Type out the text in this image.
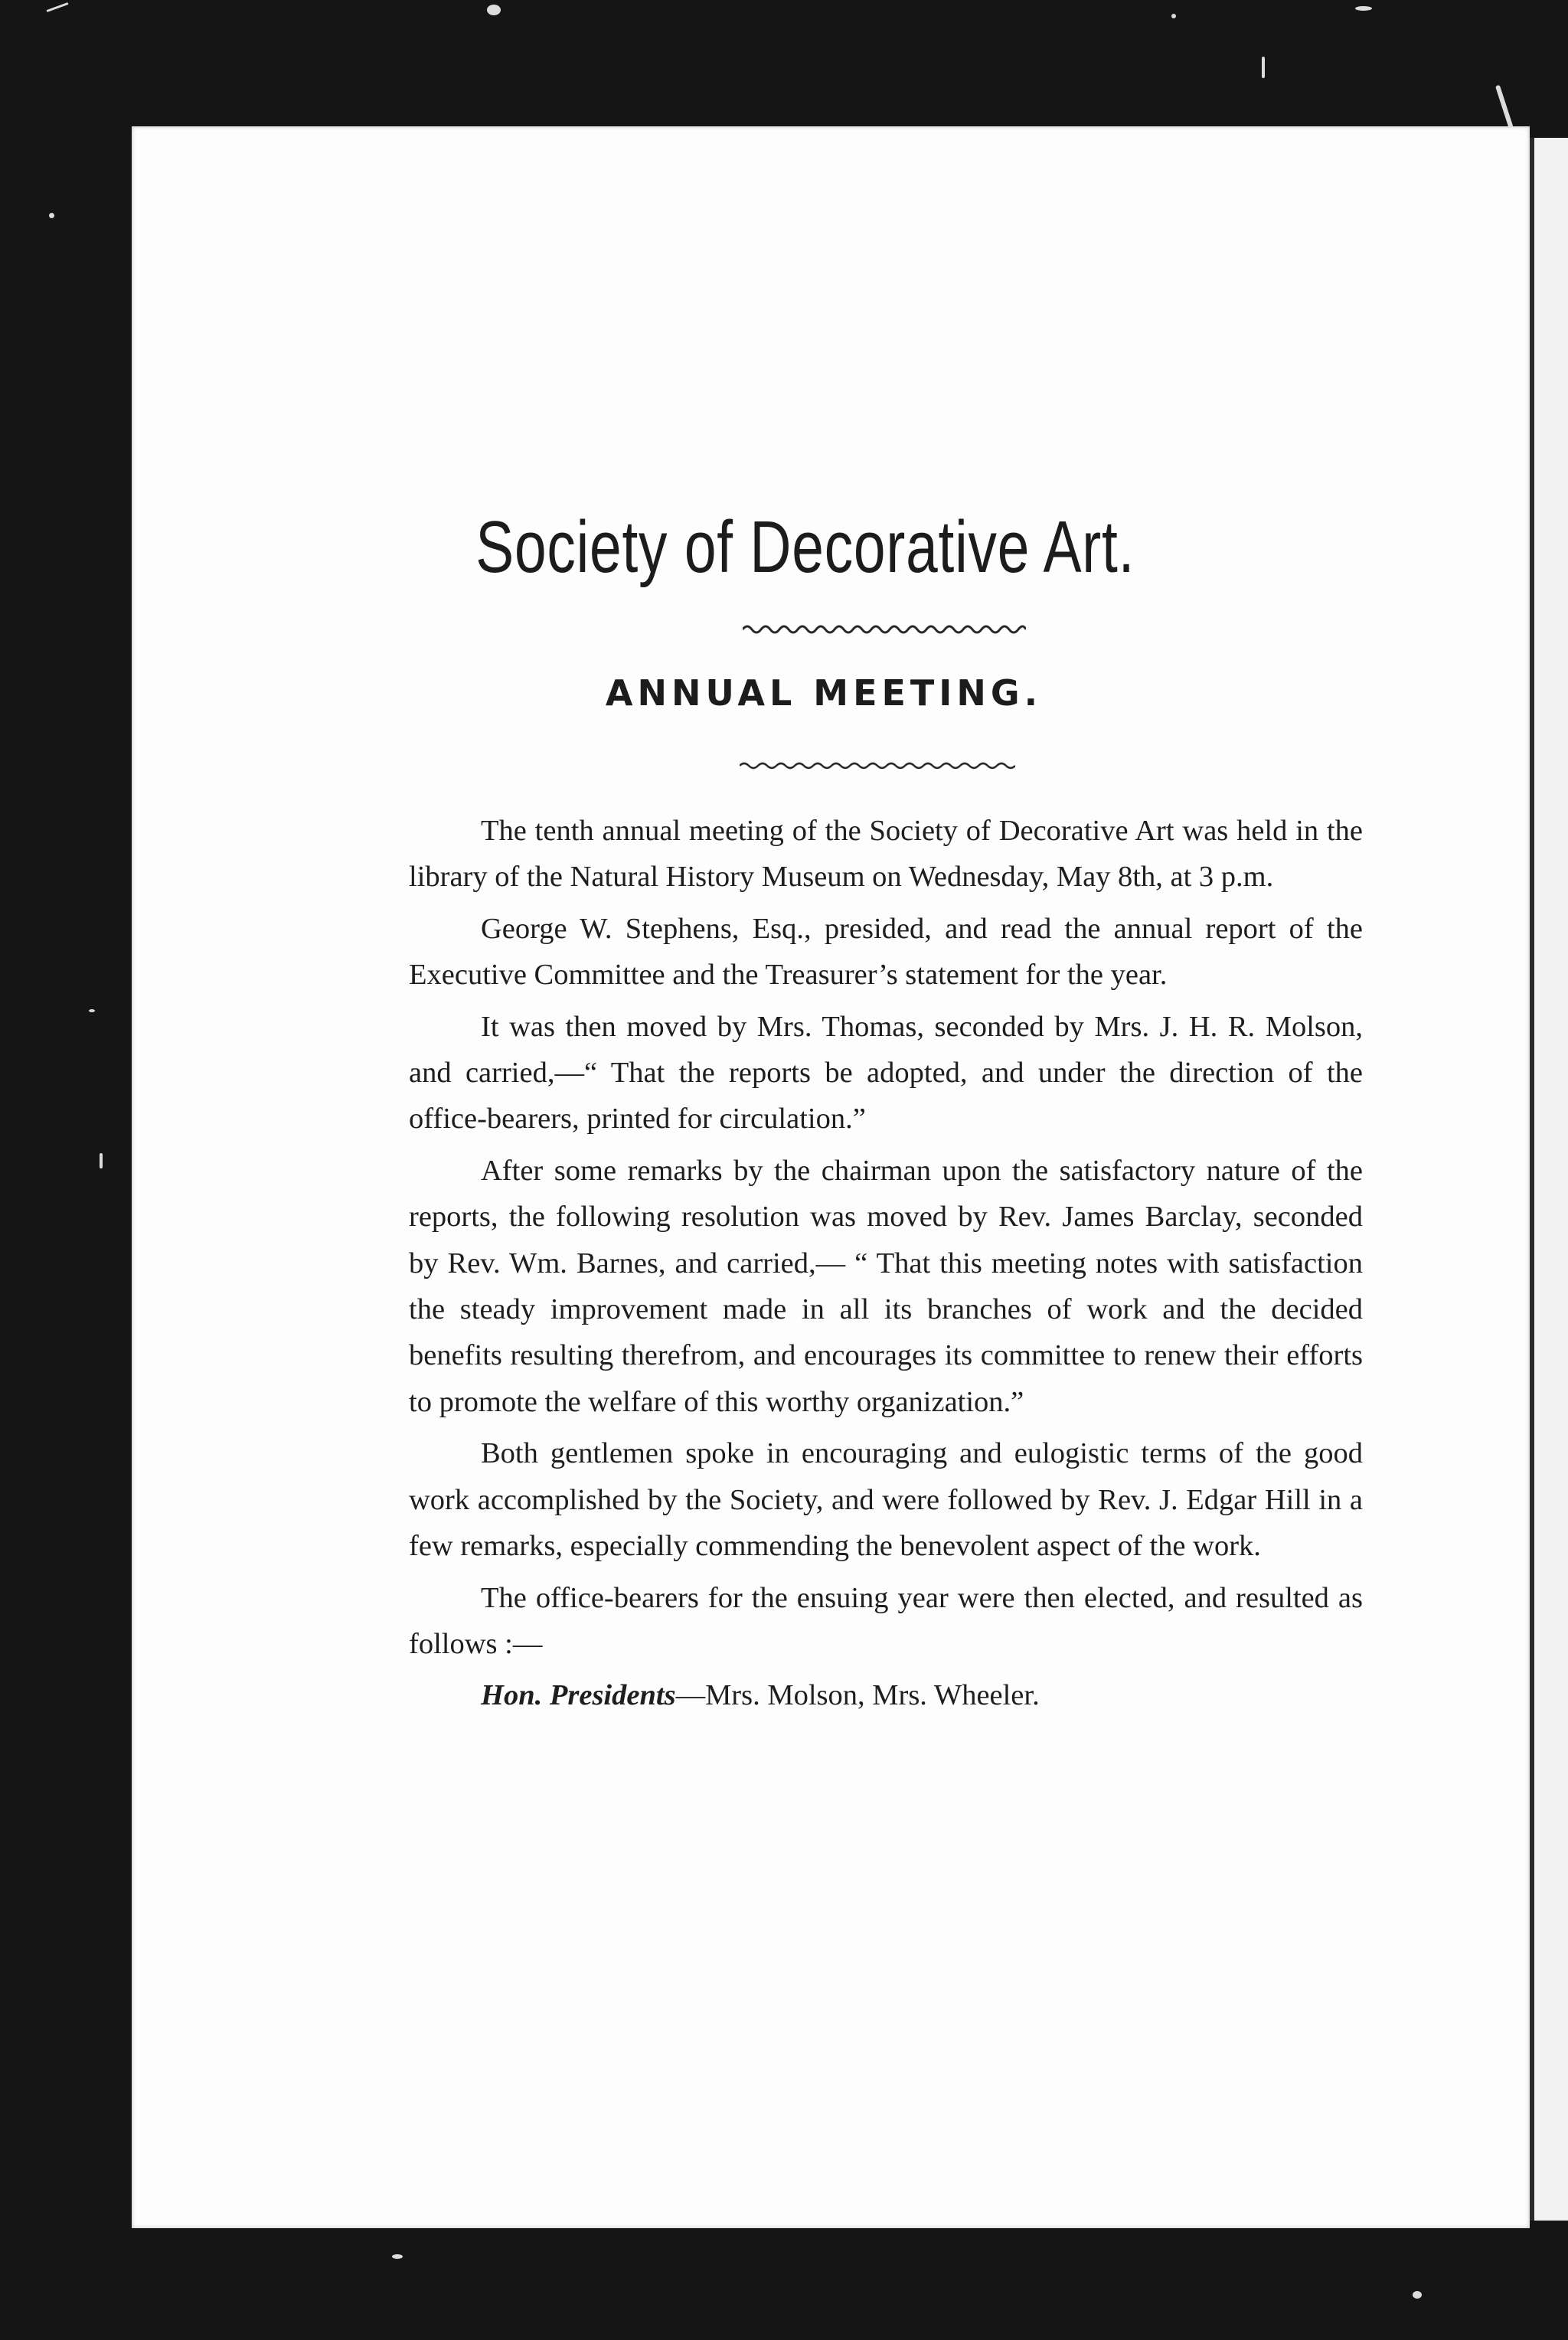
Society of Decorative Art.
ANNUAL MEETING.

The tenth annual meeting of the Society of Decorative Art was held in the library of the Natural History Museum on Wednesday, May 8th, at 3 p.m.

George W. Stephens, Esq., presided, and read the annual report of the Executive Committee and the Treasurer’s statement for the year.

It was then moved by Mrs. Thomas, seconded by Mrs. J. H. R. Molson, and carried,—“ That the reports be adopted, and under the direction of the office-bearers, printed for circulation.”

After some remarks by the chairman upon the satisfactory nature of the reports, the following resolution was moved by Rev. James Barclay, seconded by Rev. Wm. Barnes, and carried,— “ That this meeting notes with satisfaction the steady improvement made in all its branches of work and the decided benefits resulting therefrom, and encourages its committee to renew their efforts to promote the welfare of this worthy organization.”

Both gentlemen spoke in encouraging and eulogistic terms of the good work accomplished by the Society, and were followed by Rev. J. Edgar Hill in a few remarks, especially commending the benevolent aspect of the work.

The office-bearers for the ensuing year were then elected, and resulted as follows :—

Hon. Presidents—Mrs. Molson, Mrs. Wheeler.
